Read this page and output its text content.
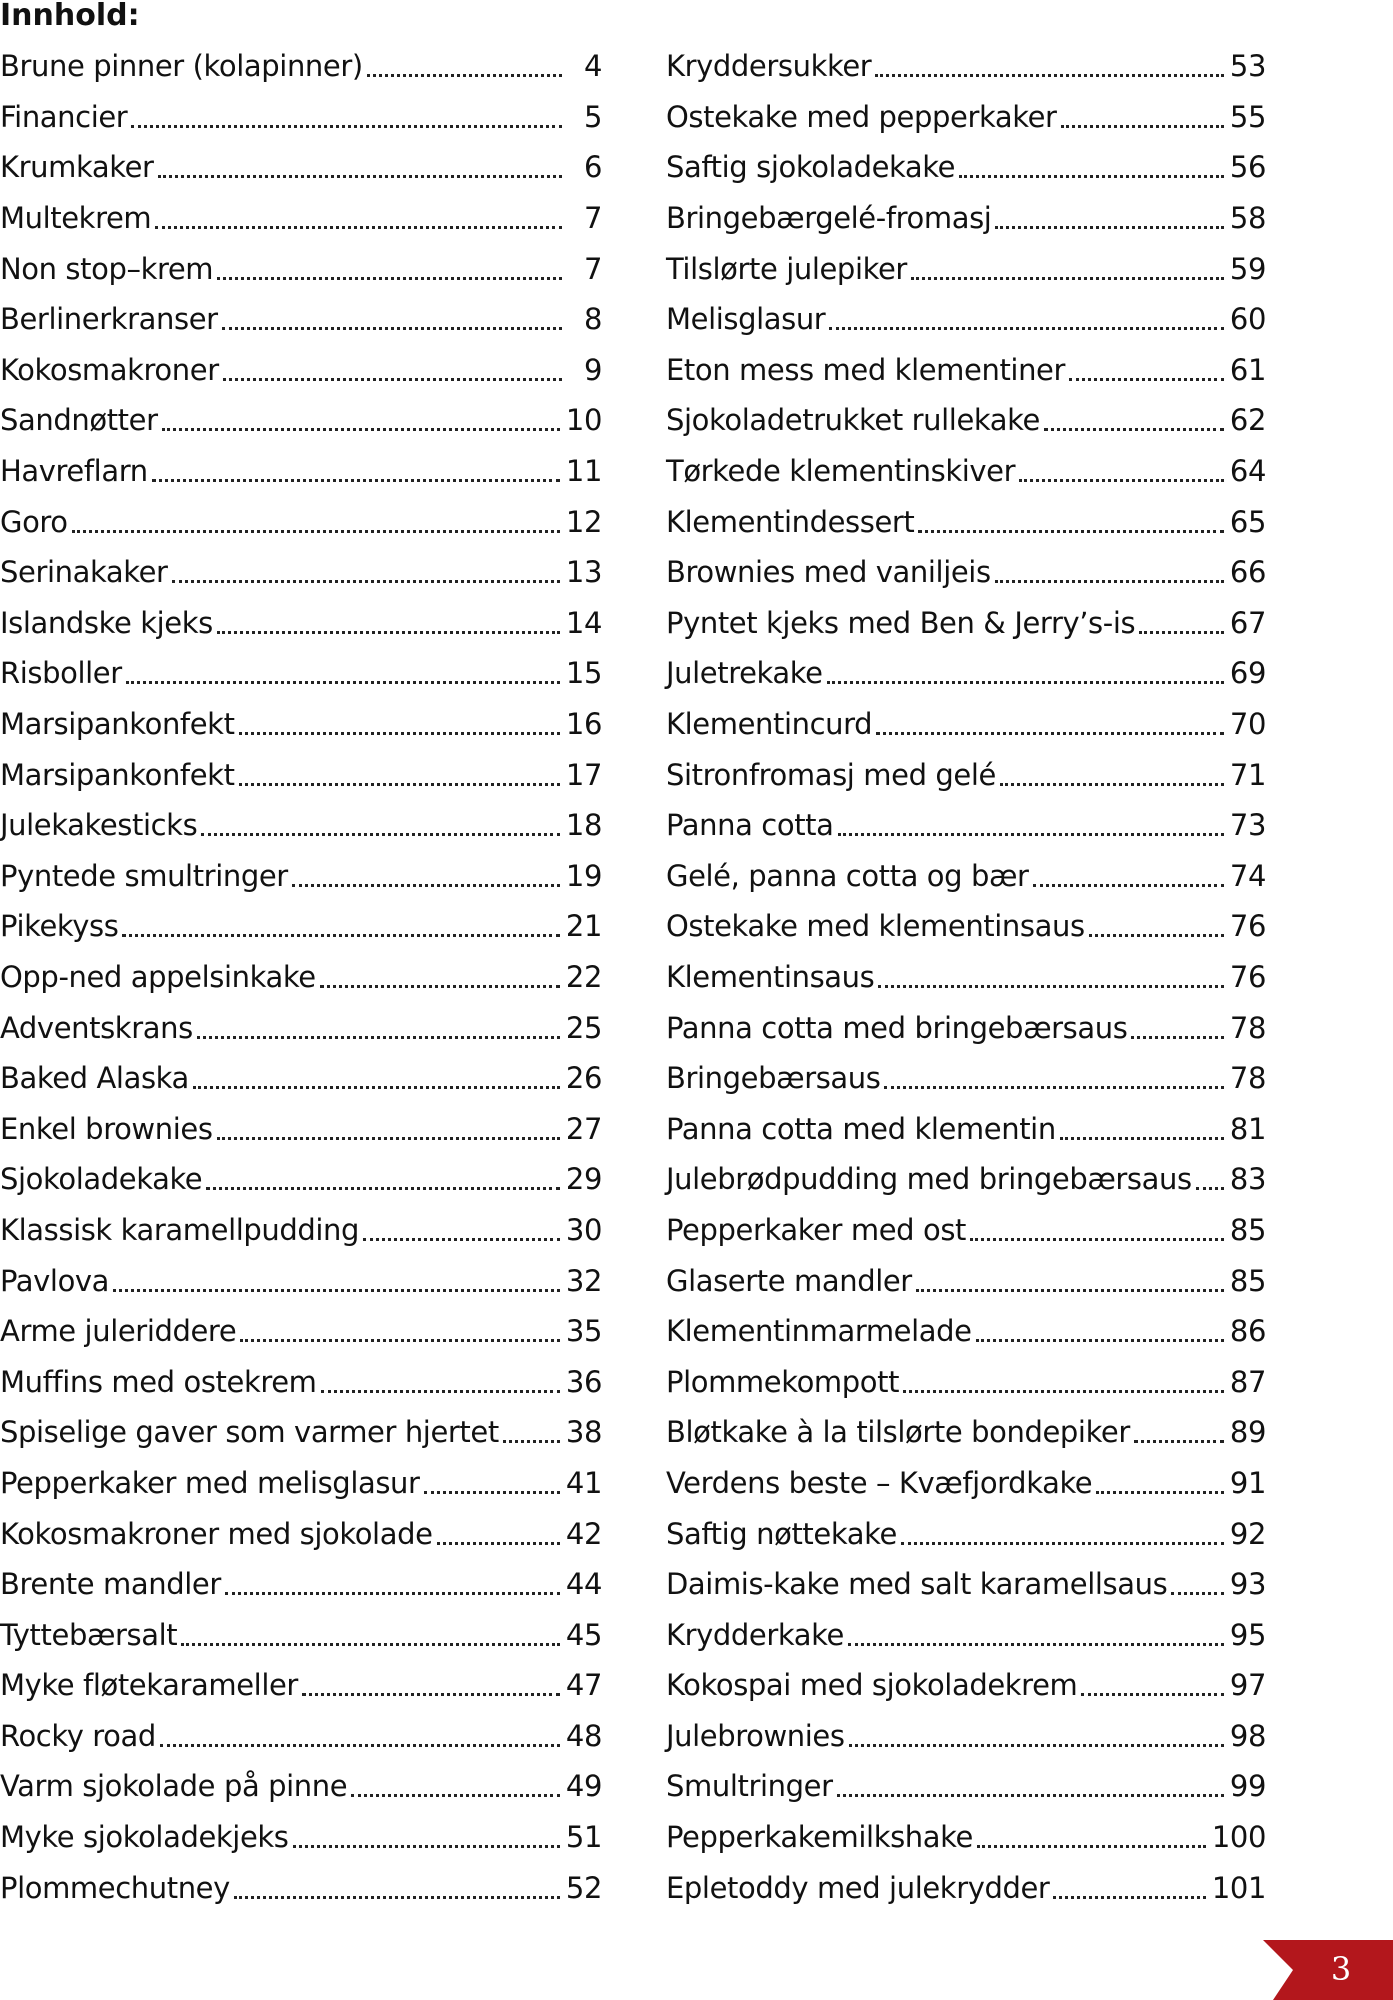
Innhold:
Brune pinner (kolapinner)	4
Financier	5
Krumkaker	6
Multekrem	7
Non stop–krem	7
Berlinerkranser	8
Kokosmakroner	9
Sandnøtter	10
Havreflarn	11
Goro	12
Serinakaker	13
Islandske kjeks	14
Risboller	15
Marsipankonfekt	16
Marsipankonfekt	17
Julekakesticks	18
Pyntede smultringer	19
Pikekyss	21
Opp-ned appelsinkake	22
Adventskrans	25
Baked Alaska	26
Enkel brownies	27
Sjokoladekake	29
Klassisk karamellpudding	30
Pavlova	32
Arme juleriddere	35
Muffins med ostekrem	36
Spiselige gaver som varmer hjertet 38
Pepperkaker med melisglasur	41
Kokosmakroner med sjokolade	42
Brente mandler	44
Tyttebærsalt	45
Myke fløtekarameller	47
Rocky road	48
Varm sjokolade på pinne	49
Myke sjokoladekjeks	51
Plommechutney	52
Kryddersukker	53
Ostekake med pepperkaker	55
Saftig sjokoladekake	56
Bringebærgelé-fromasj	58
Tilslørte julepiker	59
Melisglasur	60
Eton mess med klementiner	61
Sjokoladetrukket rullekake	62
Tørkede klementinskiver	64
Klementindessert	65
Brownies med vaniljeis	66
Pyntet kjeks med Ben & Jerry’s-is	67
Juletrekake	69
Klementincurd	70
Sitronfromasj med gelé	71
Panna cotta	73
Gelé, panna cotta og bær	74
Ostekake med klementinsaus	76
Klementinsaus	76
Panna cotta med bringebærsaus	78
Bringebærsaus	78
Panna cotta med klementin	81
Julebrødpudding med bringebærsaus 83
Pepperkaker med ost	85
Glaserte mandler	85
Klementinmarmelade	86
Plommekompott	87
Bløtkake à la tilslørte bondepiker	89
Verdens beste – Kvæfjordkake	91
Saftig nøttekake	92
Daimis-kake med salt karamellsaus 93
Krydderkake	95
Kokospai med sjokoladekrem	97
Julebrownies	98
Smultringer	99
Pepperkakemilkshake	100
Epletoddy med julekrydder	101
3
